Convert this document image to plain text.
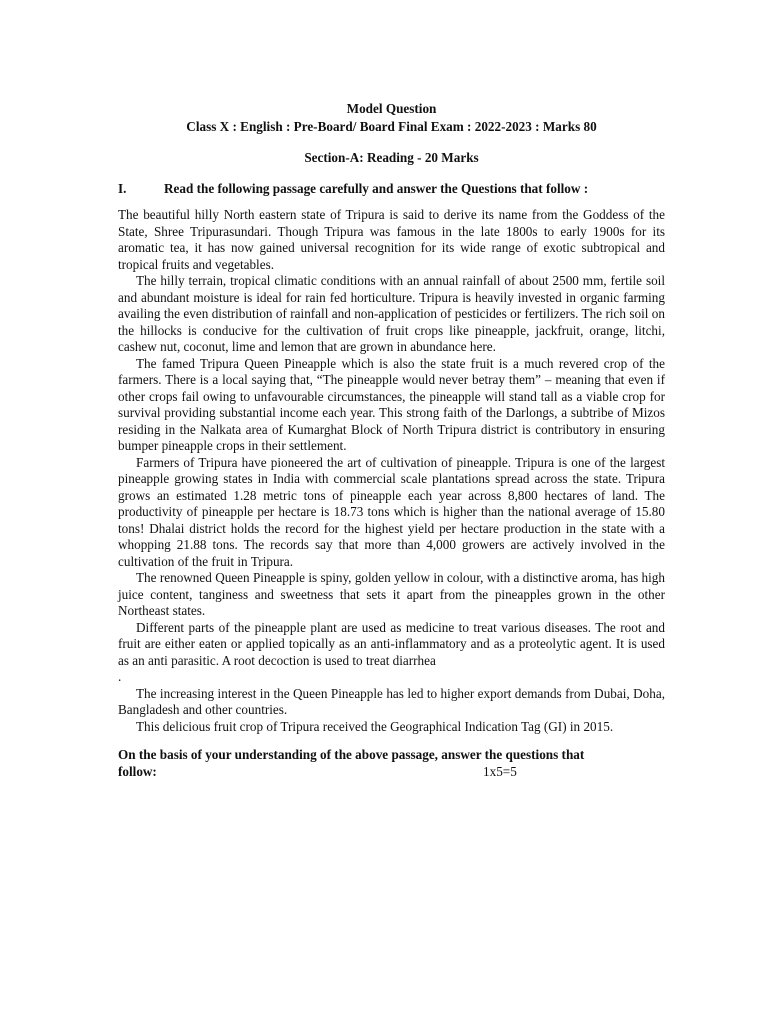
Model Question
Class X : English : Pre-Board/ Board Final Exam : 2022-2023 : Marks 80
Section-A: Reading - 20 Marks
I.	Read the following passage carefully and answer the Questions that follow :

The beautiful hilly North eastern state of Tripura is said to derive its name from the Goddess of the State, Shree Tripurasundari. Though Tripura was famous in the late 1800s to early 1900s for its aromatic tea, it has now gained universal recognition for its wide range of exotic subtropical and tropical fruits and vegetables.

The hilly terrain, tropical climatic conditions with an annual rainfall of about 2500 mm, fertile soil and abundant moisture is ideal for rain fed horticulture. Tripura is heavily invested in organic farming availing the even distribution of rainfall and non-application of pesticides or fertilizers. The rich soil on the hillocks is conducive for the cultivation of fruit crops like pineapple, jackfruit, orange, litchi, cashew nut, coconut, lime and lemon that are grown in abundance here.

The famed Tripura Queen Pineapple which is also the state fruit is a much revered crop of the farmers. There is a local saying that, “The pineapple would never betray them” – meaning that even if other crops fail owing to unfavourable circumstances, the pineapple will stand tall as a viable crop for survival providing substantial income each year. This strong faith of the Darlongs, a subtribe of Mizos residing in the Nalkata area of Kumarghat Block of North Tripura district is contributory in ensuring bumper pineapple crops in their settlement.

Farmers of Tripura have pioneered the art of cultivation of pineapple. Tripura is one of the largest pineapple growing states in India with commercial scale plantations spread across the state. Tripura grows an estimated 1.28 metric tons of pineapple each year across 8,800 hectares of land. The productivity of pineapple per hectare is 18.73 tons which is higher than the national average of 15.80 tons! Dhalai district holds the record for the highest yield per hectare production in the state with a whopping 21.88 tons. The records say that more than 4,000 growers are actively involved in the cultivation of the fruit in Tripura.

The renowned Queen Pineapple is spiny, golden yellow in colour, with a distinctive aroma, has high juice content, tanginess and sweetness that sets it apart from the pineapples grown in the other Northeast states.

Different parts of the pineapple plant are used as medicine to treat various diseases. The root and fruit are either eaten or applied topically as an anti-inflammatory and as a proteolytic agent. It is used as an anti parasitic. A root decoction is used to treat diarrhea

.

The increasing interest in the Queen Pineapple has led to higher export demands from Dubai, Doha, Bangladesh and other countries.

This delicious fruit crop of Tripura received the Geographical Indication Tag (GI) in 2015.

On the basis of your understanding of the above passage, answer the questions that
follow:	1x5=5
